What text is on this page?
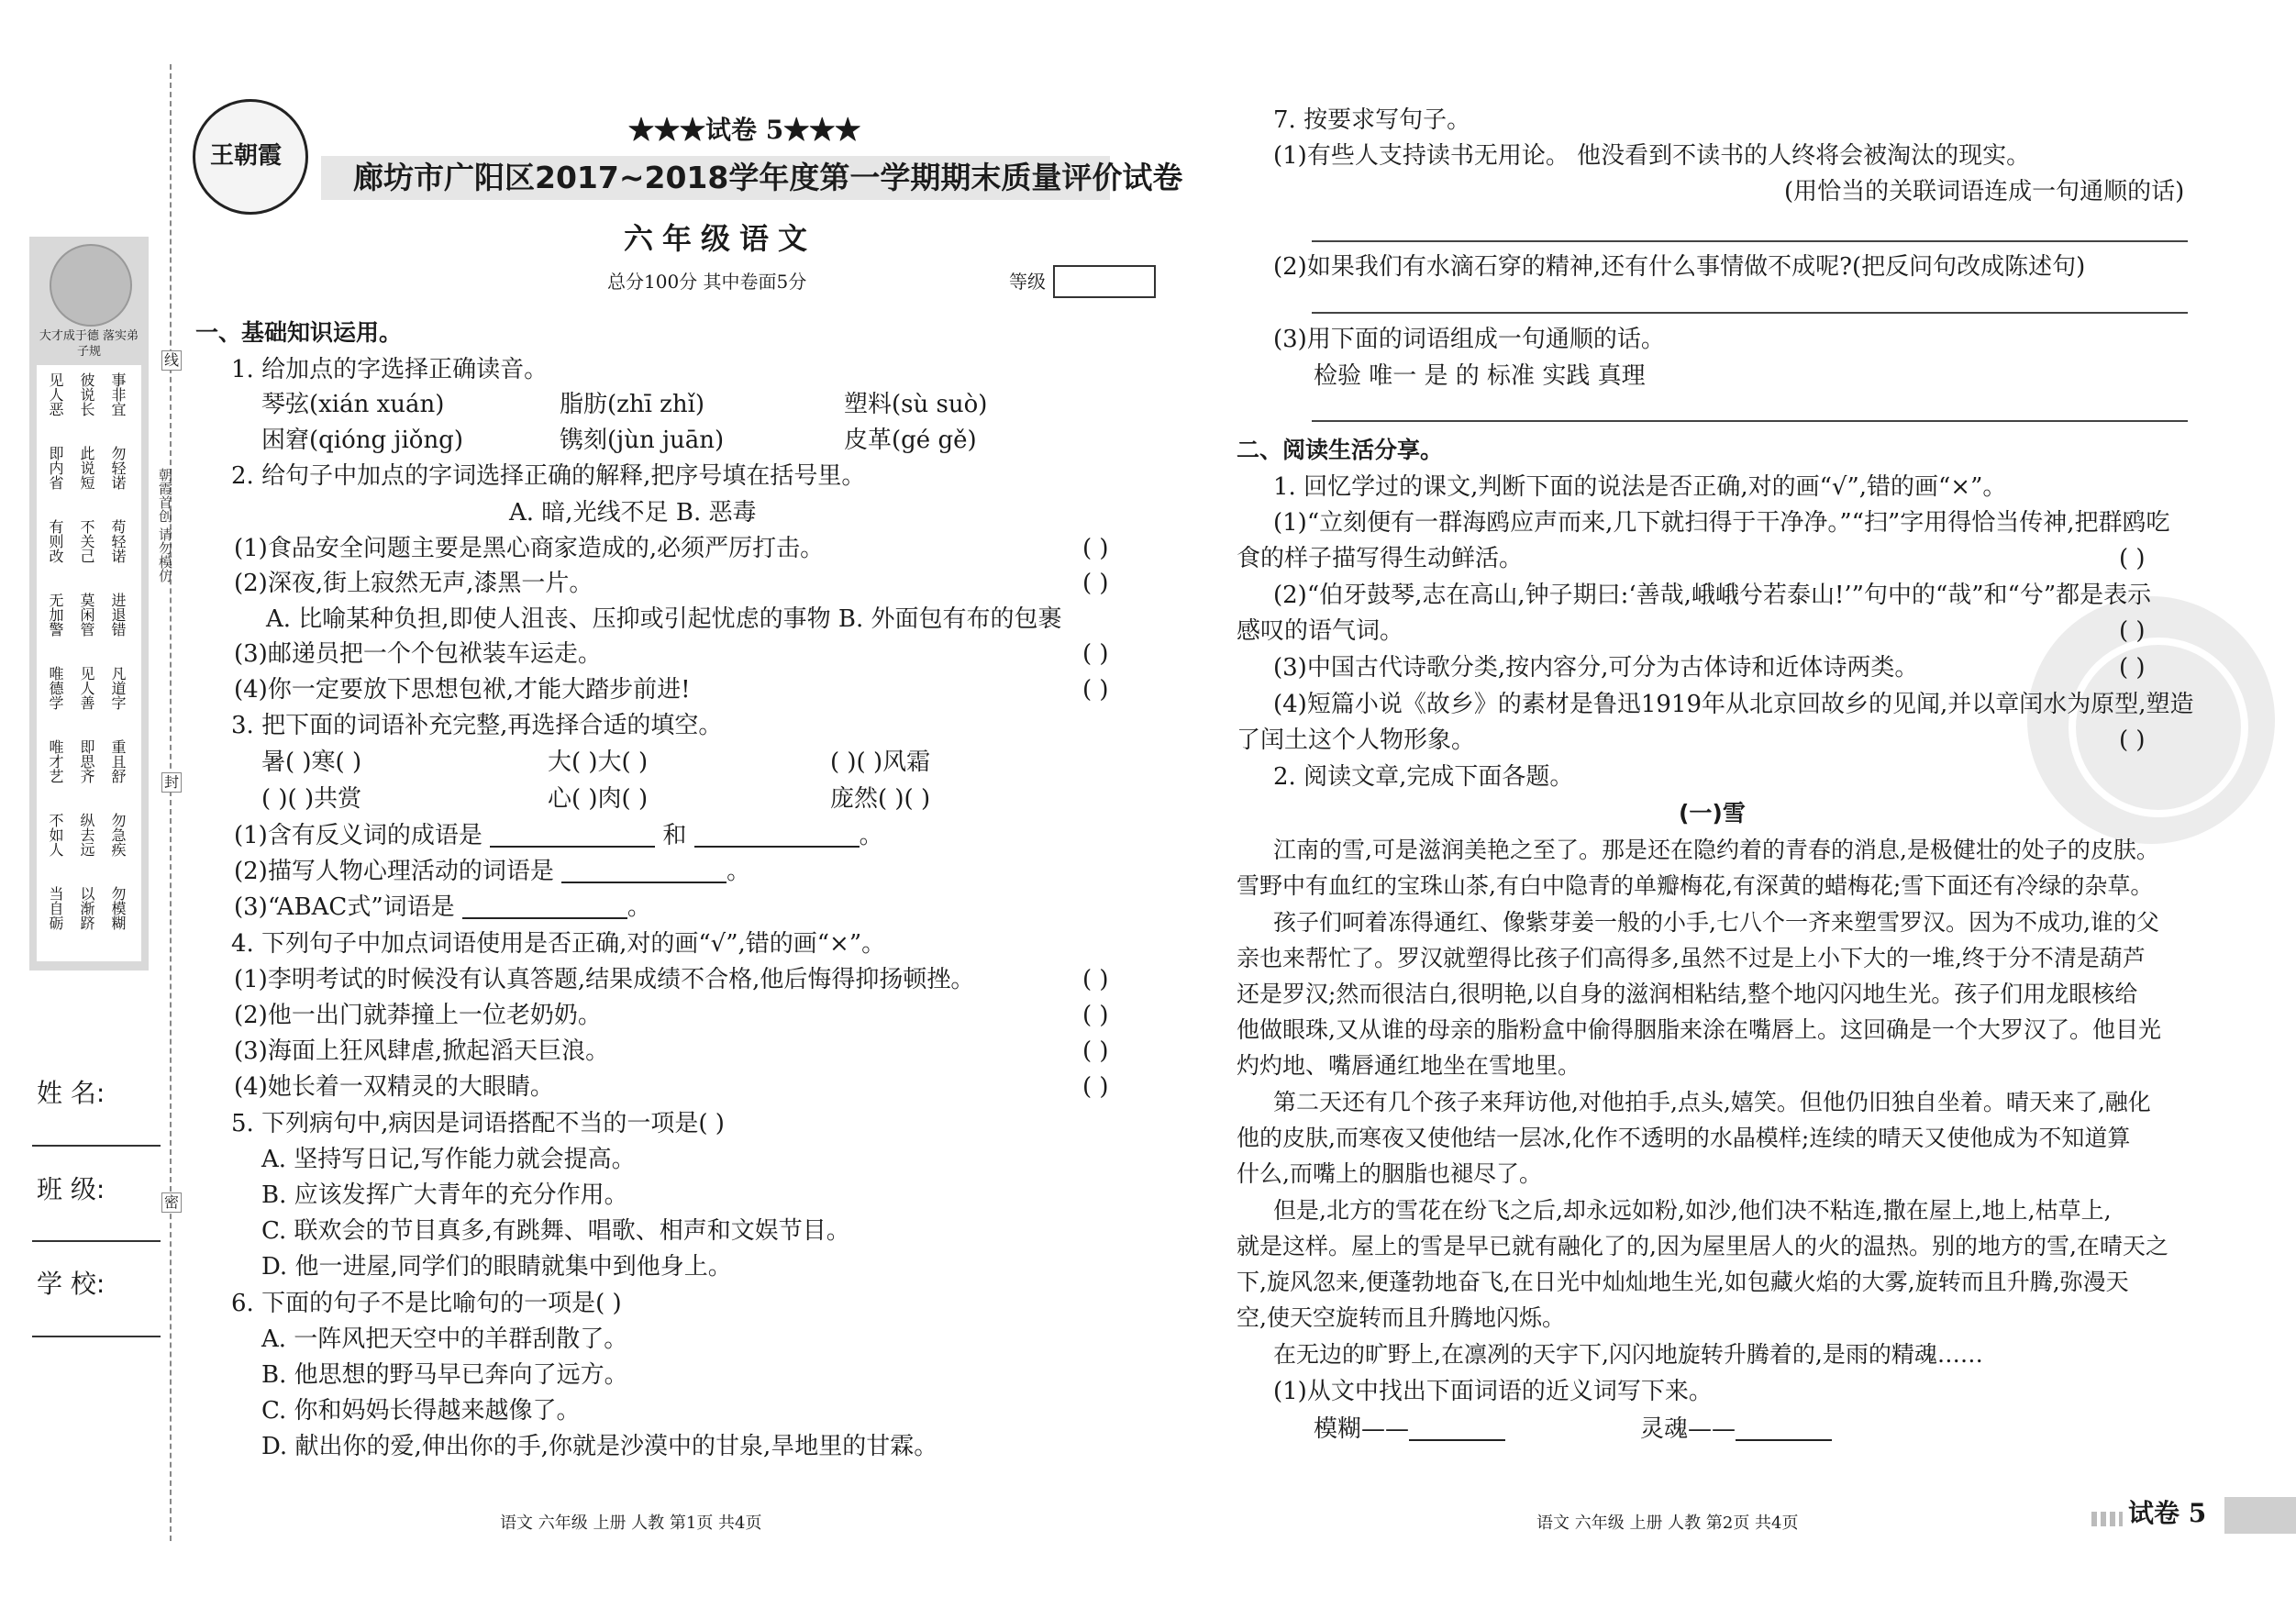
大才成于德 落实弟子规
事非宜
彼说长
见人恶
勿轻诺
此说短
即内省
苟轻诺
不关己
有则改
进退错
莫闲管
无加警
凡道字
见人善
唯德学
重且舒
即思齐
唯才艺
勿急疾
纵去远
不如人
勿模糊
以渐跻
当自砺
线
封
密
朝霞首创 请勿模仿
姓 名:
班 级:
学 校:
王朝霞
★★★试卷 5★★★
廊坊市广阳区2017~2018学年度第一学期期末质量评价试卷
六年级语文
总分100分 其中卷面5分	等级
一、基础知识运用。
1. 给加点的字选择正确读音。
琴弦(xián xuán)	脂肪(zhī zhǐ)	塑料(sù suò)
困窘(qióng jiǒng)	镌刻(jùn juān)	皮革(gé gě)
2. 给句子中加点的字词选择正确的解释,把序号填在括号里。
A. 暗,光线不足 B. 恶毒
(1)食品安全问题主要是黑心商家造成的,必须严厉打击。	( )
(2)深夜,街上寂然无声,漆黑一片。	( )
A. 比喻某种负担,即使人沮丧、压抑或引起忧虑的事物 B. 外面包有布的包裹
(3)邮递员把一个个包袱装车运走。	( )
(4)你一定要放下思想包袱,才能大踏步前进!	( )
3. 把下面的词语补充完整,再选择合适的填空。
暑( )寒( )	大( )大( )	( )( )风霜
( )( )共赏	心( )肉( )	庞然( )( )
(1)含有反义词的成语是	和	。
(2)描写人物心理活动的词语是	。
(3)“ABAC式”词语是	。
4. 下列句子中加点词语使用是否正确,对的画“√”,错的画“×”。
(1)李明考试的时候没有认真答题,结果成绩不合格,他后悔得抑扬顿挫。	( )
(2)他一出门就莽撞上一位老奶奶。	( )
(3)海面上狂风肆虐,掀起滔天巨浪。	( )
(4)她长着一双精灵的大眼睛。	( )
5. 下列病句中,病因是词语搭配不当的一项是( )
A. 坚持写日记,写作能力就会提高。
B. 应该发挥广大青年的充分作用。
C. 联欢会的节目真多,有跳舞、唱歌、相声和文娱节目。
D. 他一进屋,同学们的眼睛就集中到他身上。
6. 下面的句子不是比喻句的一项是( )
A. 一阵风把天空中的羊群刮散了。
B. 他思想的野马早已奔向了远方。
C. 你和妈妈长得越来越像了。
D. 献出你的爱,伸出你的手,你就是沙漠中的甘泉,旱地里的甘霖。
语文 六年级 上册 人教 第1页 共4页
7. 按要求写句子。
(1)有些人支持读书无用论。 他没看到不读书的人终将会被淘汰的现实。
(用恰当的关联词语连成一句通顺的话)
(2)如果我们有水滴石穿的精神,还有什么事情做不成呢?(把反问句改成陈述句)
(3)用下面的词语组成一句通顺的话。
检验 唯一 是 的 标准 实践 真理
二、阅读生活分享。
1. 回忆学过的课文,判断下面的说法是否正确,对的画“√”,错的画“×”。
(1)“立刻便有一群海鸥应声而来,几下就扫得于干净净。”“扫”字用得恰当传神,把群鸥吃
食的样子描写得生动鲜活。	( )
(2)“伯牙鼓琴,志在高山,钟子期曰:‘善哉,峨峨兮若泰山!’”句中的“哉”和“兮”都是表示
感叹的语气词。	( )
(3)中国古代诗歌分类,按内容分,可分为古体诗和近体诗两类。	( )
(4)短篇小说《故乡》的素材是鲁迅1919年从北京回故乡的见闻,并以章闰水为原型,塑造
了闰土这个人物形象。	( )
2. 阅读文章,完成下面各题。
(一)雪
江南的雪,可是滋润美艳之至了。那是还在隐约着的青春的消息,是极健壮的处子的皮肤。
雪野中有血红的宝珠山茶,有白中隐青的单瓣梅花,有深黄的蜡梅花;雪下面还有冷绿的杂草。
孩子们呵着冻得通红、像紫芽姜一般的小手,七八个一齐来塑雪罗汉。因为不成功,谁的父
亲也来帮忙了。罗汉就塑得比孩子们高得多,虽然不过是上小下大的一堆,终于分不清是葫芦
还是罗汉;然而很洁白,很明艳,以自身的滋润相粘结,整个地闪闪地生光。孩子们用龙眼核给
他做眼珠,又从谁的母亲的脂粉盒中偷得胭脂来涂在嘴唇上。这回确是一个大罗汉了。他目光
灼灼地、嘴唇通红地坐在雪地里。
第二天还有几个孩子来拜访他,对他拍手,点头,嬉笑。但他仍旧独自坐着。晴天来了,融化
他的皮肤,而寒夜又使他结一层冰,化作不透明的水晶模样;连续的晴天又使他成为不知道算
什么,而嘴上的胭脂也褪尽了。
但是,北方的雪花在纷飞之后,却永远如粉,如沙,他们决不粘连,撒在屋上,地上,枯草上,
就是这样。屋上的雪是早已就有融化了的,因为屋里居人的火的温热。别的地方的雪,在晴天之
下,旋风忽来,便蓬勃地奋飞,在日光中灿灿地生光,如包藏火焰的大雾,旋转而且升腾,弥漫天
空,使天空旋转而且升腾地闪烁。
在无边的旷野上,在凛冽的天宇下,闪闪地旋转升腾着的,是雨的精魂……
(1)从文中找出下面词语的近义词写下来。
模糊——	灵魂——
语文 六年级 上册 人教 第2页 共4页	试卷 5
